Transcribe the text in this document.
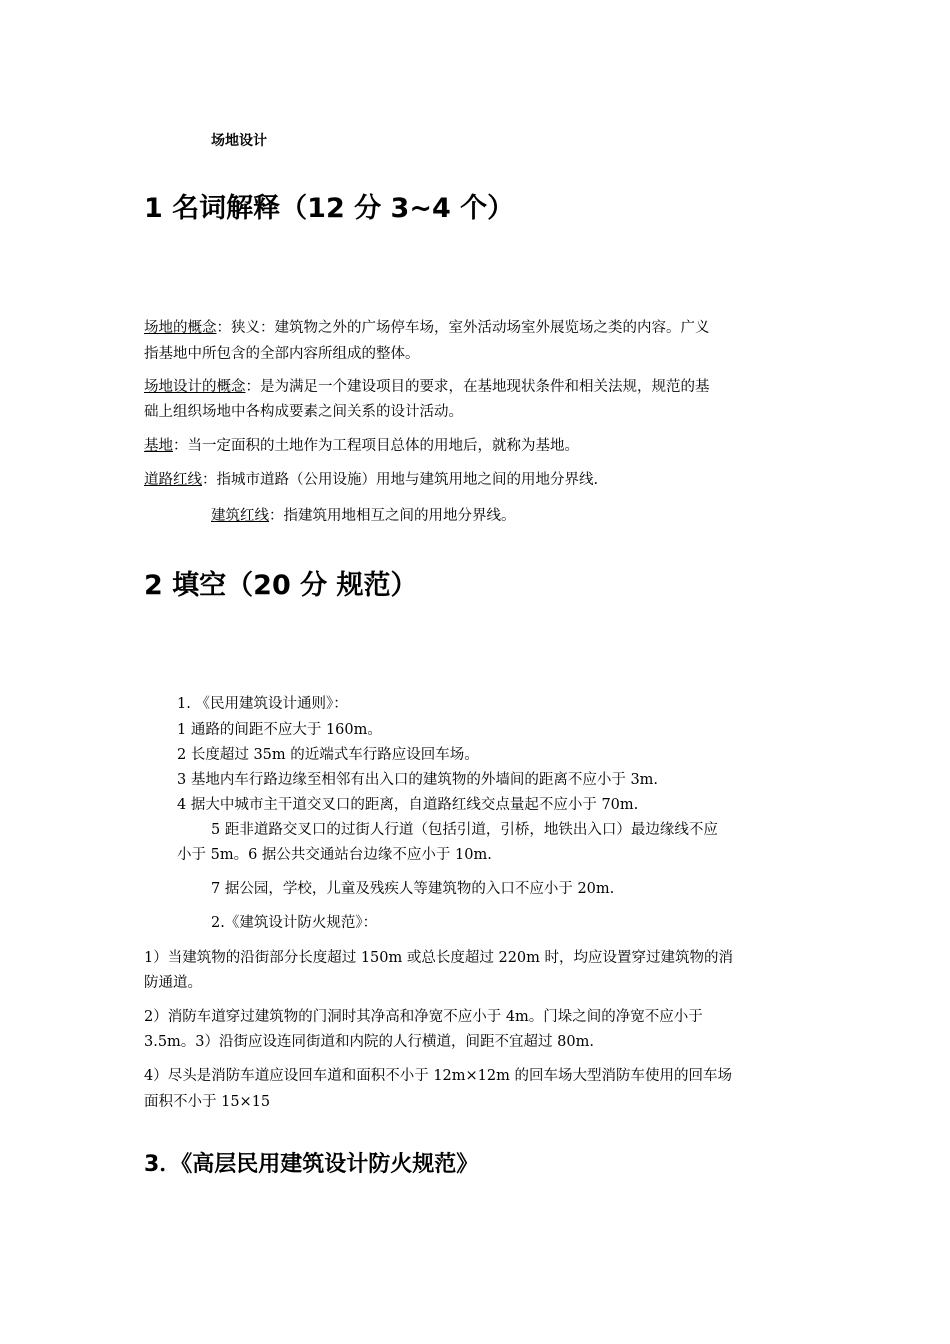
场地设计
1 名词解释（12 分 3~4 个）
场地的概念：狭义：建筑物之外的广场停车场，室外活动场室外展览场之类的内容。广义
指基地中所包含的全部内容所组成的整体。
场地设计的概念：是为满足一个建设项目的要求，在基地现状条件和相关法规，规范的基
础上组织场地中各构成要素之间关系的设计活动。
基地：当一定面积的土地作为工程项目总体的用地后，就称为基地。
道路红线：指城市道路（公用设施）用地与建筑用地之间的用地分界线.
建筑红线：指建筑用地相互之间的用地分界线。
2 填空（20 分 规范）
1. 《民用建筑设计通则》：
1 通路的间距不应大于 160m。
2 长度超过 35m 的近端式车行路应设回车场。
3 基地内车行路边缘至相邻有出入口的建筑物的外墙间的距离不应小于 3m.
4 据大中城市主干道交叉口的距离，自道路红线交点量起不应小于 70m.
5 距非道路交叉口的过街人行道（包括引道，引桥，地铁出入口）最边缘线不应
小于 5m。6 据公共交通站台边缘不应小于 10m.
7 据公园，学校，儿童及残疾人等建筑物的入口不应小于 20m.
2.《建筑设计防火规范》：
1）当建筑物的沿街部分长度超过 150m 或总长度超过 220m 时，均应设置穿过建筑物的消
防通道。
2）消防车道穿过建筑物的门洞时其净高和净宽不应小于 4m。门垛之间的净宽不应小于
3.5m。3）沿街应设连同街道和内院的人行横道，间距不宜超过 80m.
4）尽头是消防车道应设回车道和面积不小于 12m×12m 的回车场大型消防车使用的回车场
面积不小于 15×15
3．《高层民用建筑设计防火规范》
